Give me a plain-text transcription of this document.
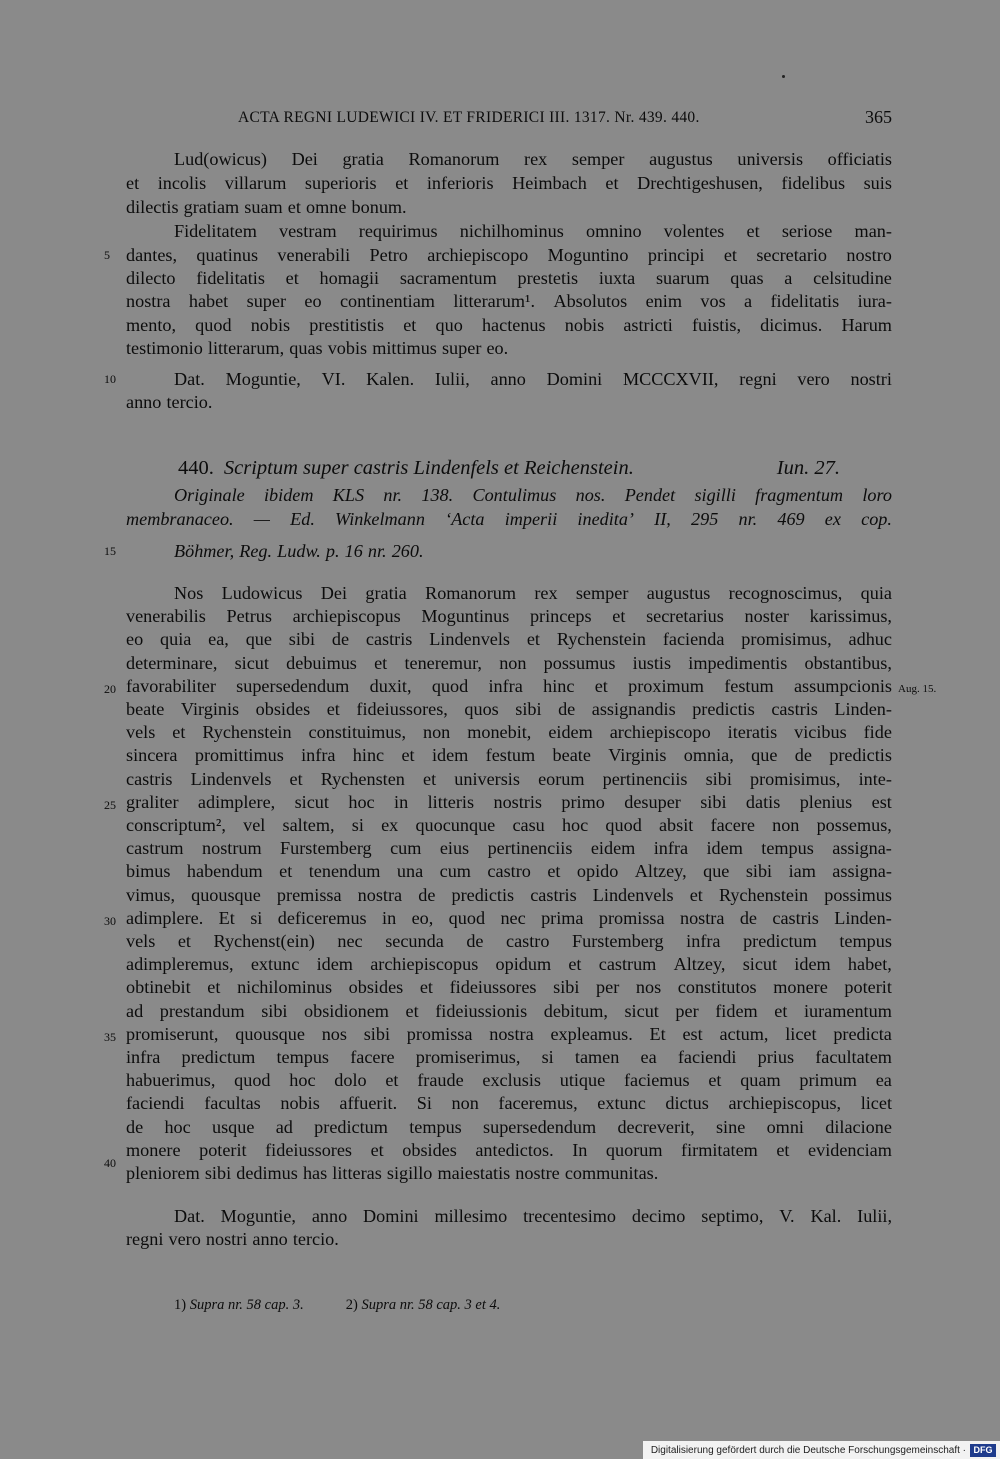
ACTA REGNI LUDEWICI IV. ET FRIDERICI III. 1317. Nr. 439. 440.	365
Lud(owicus) Dei gratia Romanorum rex semper augustus universis officiatis
et incolis villarum superioris et inferioris Heimbach et Drechtigeshusen, fidelibus suis
dilectis gratiam suam et omne bonum.
Fidelitatem vestram requirimus nichilhominus omnino volentes et seriose man-
dantes, quatinus venerabili Petro archiepiscopo Moguntino principi et secretario nostro
dilecto fidelitatis et homagii sacramentum prestetis iuxta suarum quas a celsitudine
nostra habet super eo continentiam litterarum¹. Absolutos enim vos a fidelitatis iura-
mento, quod nobis prestitistis et quo hactenus nobis astricti fuistis, dicimus. Harum
testimonio litterarum, quas vobis mittimus super eo.
Dat. Moguntie, VI. Kalen. Iulii, anno Domini MCCCXVII, regni vero nostri
anno tercio.
440. Scriptum super castris Lindenfels et Reichenstein.	Iun. 27.
Originale ibidem KLS nr. 138. Contulimus nos. Pendet sigilli fragmentum loro
membranaceo. — Ed. Winkelmann ‘Acta imperii inedita’ II, 295 nr. 469 ex cop.
Böhmer, Reg. Ludw. p. 16 nr. 260.
Nos Ludowicus Dei gratia Romanorum rex semper augustus recognoscimus, quia
venerabilis Petrus archiepiscopus Moguntinus princeps et secretarius noster karissimus,
eo quia ea, que sibi de castris Lindenvels et Rychenstein facienda promisimus, adhuc
determinare, sicut debuimus et teneremur, non possumus iustis impedimentis obstantibus,
favorabiliter supersedendum duxit, quod infra hinc et proximum festum assumpcionis
beate Virginis obsides et fideiussores, quos sibi de assignandis predictis castris Linden-
vels et Rychenstein constituimus, non monebit, eidem archiepiscopo iteratis vicibus fide
sincera promittimus infra hinc et idem festum beate Virginis omnia, que de predictis
castris Lindenvels et Rychensten et universis eorum pertinenciis sibi promisimus, inte-
graliter adimplere, sicut hoc in litteris nostris primo desuper sibi datis plenius est
conscriptum², vel saltem, si ex quocunque casu hoc quod absit facere non possemus,
castrum nostrum Furstemberg cum eius pertinenciis eidem infra idem tempus assigna-
bimus habendum et tenendum una cum castro et opido Altzey, que sibi iam assigna-
vimus, quousque premissa nostra de predictis castris Lindenvels et Rychenstein possimus
adimplere. Et si deficeremus in eo, quod nec prima promissa nostra de castris Linden-
vels et Rychenst(ein) nec secunda de castro Furstemberg infra predictum tempus
adimpleremus, extunc idem archiepiscopus opidum et castrum Altzey, sicut idem habet,
obtinebit et nichilominus obsides et fideiussores sibi per nos constitutos monere poterit
ad prestandum sibi obsidionem et fideiussionis debitum, sicut per fidem et iuramentum
promiserunt, quousque nos sibi promissa nostra expleamus. Et est actum, licet predicta
infra predictum tempus facere promiserimus, si tamen ea faciendi prius facultatem
habuerimus, quod hoc dolo et fraude exclusis utique faciemus et quam primum ea
faciendi facultas nobis affuerit. Si non faceremus, extunc dictus archiepiscopus, licet
de hoc usque ad predictum tempus supersedendum decreverit, sine omni dilacione
monere poterit fideiussores et obsides antedictos. In quorum firmitatem et evidenciam
pleniorem sibi dedimus has litteras sigillo maiestatis nostre communitas.
Dat. Moguntie, anno Domini millesimo trecentesimo decimo septimo, V. Kal. Iulii,
regni vero nostri anno tercio.
5
10
15
20
25
30
35
40
Aug. 15.
1) Supra nr. 58 cap. 3.	2) Supra nr. 58 cap. 3 et 4.
Digitalisierung gefördert durch die Deutsche Forschungsgemeinschaft · DFG
